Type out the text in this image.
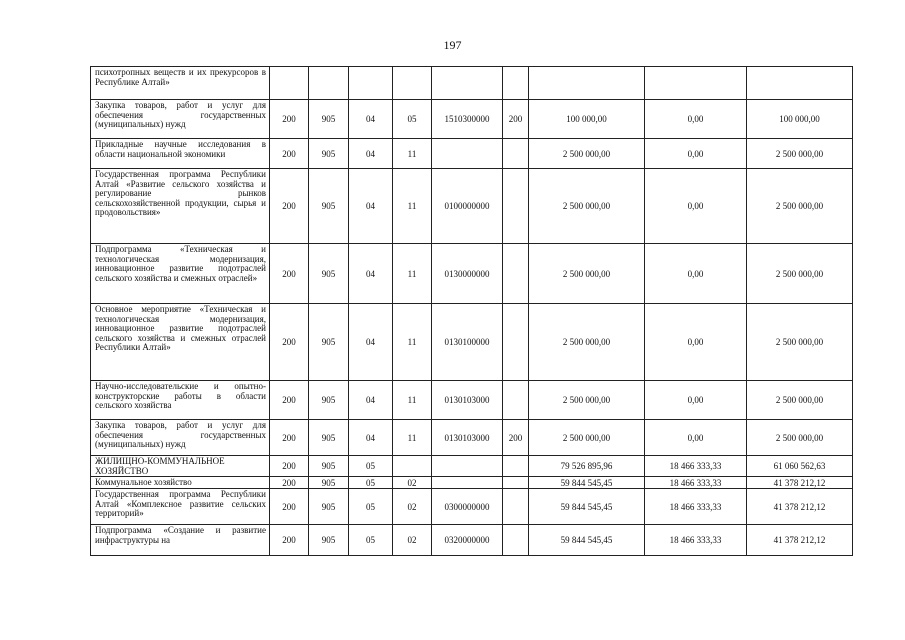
197
психотропных веществ и их прекурсоров в Республике Алтай»									
Закупка товаров, работ и услуг для обеспечения государственных (муниципальных) нужд	200	905	04	05	1510300000	200	100 000,00	0,00	100 000,00
Прикладные научные исследования в области национальной экономики	200	905	04	11			2 500 000,00	0,00	2 500 000,00
Государственная программа Республики Алтай «Развитие сельского хозяйства и регулирование рынков сельскохозяйственной продукции, сырья и продовольствия»	200	905	04	11	0100000000		2 500 000,00	0,00	2 500 000,00
Подпрограмма «Техническая и технологическая модернизация, инновационное развитие подотраслей сельского хозяйства и смежных отраслей»	200	905	04	11	0130000000		2 500 000,00	0,00	2 500 000,00
Основное мероприятие «Техническая и технологическая модернизация, инновационное развитие подотраслей сельского хозяйства и смежных отраслей Республики Алтай»	200	905	04	11	0130100000		2 500 000,00	0,00	2 500 000,00
Научно-исследовательские и опытно-конструкторские работы в области сельского хозяйства	200	905	04	11	0130103000		2 500 000,00	0,00	2 500 000,00
Закупка товаров, работ и услуг для обеспечения государственных (муниципальных) нужд	200	905	04	11	0130103000	200	2 500 000,00	0,00	2 500 000,00
ЖИЛИЩНО-КОММУНАЛЬНОЕ ХОЗЯЙСТВО	200	905	05				79 526 895,96	18 466 333,33	61 060 562,63
Коммунальное хозяйство	200	905	05	02			59 844 545,45	18 466 333,33	41 378 212,12
Государственная программа Республики Алтай «Комплексное развитие сельских территорий»	200	905	05	02	0300000000		59 844 545,45	18 466 333,33	41 378 212,12
Подпрограмма «Создание и развитие инфраструктуры на	200	905	05	02	0320000000		59 844 545,45	18 466 333,33	41 378 212,12
